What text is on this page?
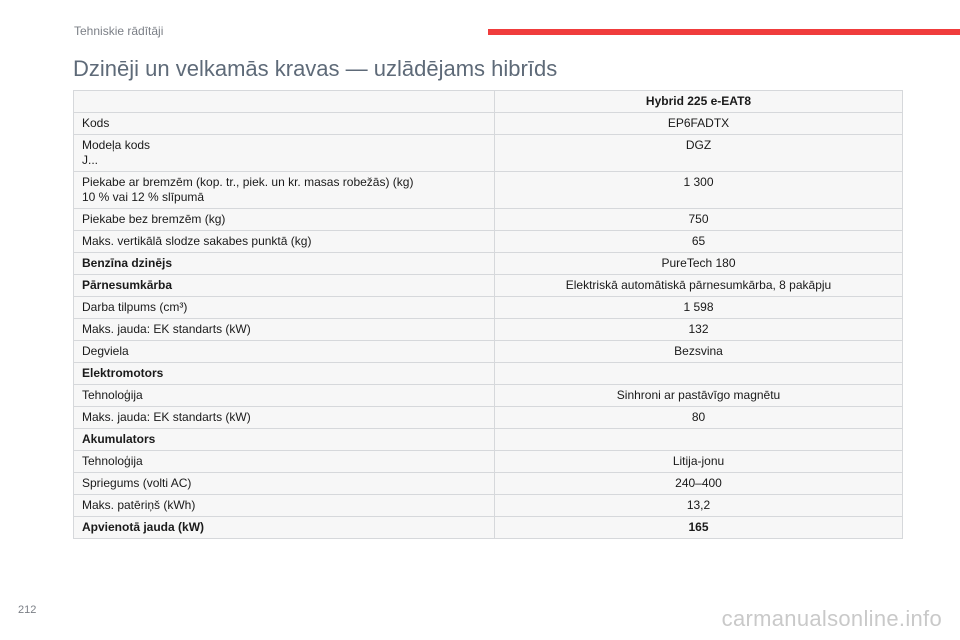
Tehniskie rādītāji
Dzinēji un velkamās kravas — uzlādējams hibrīds
	Hybrid 225 e-EAT8
Kods	EP6FADTX

Modeļa kods
J...	DGZ

Piekabe ar bremzēm (kop. tr., piek. un kr. masas robežās) (kg)
10 % vai 12 % slīpumā	1 300
Piekabe bez bremzēm (kg)	750
Maks. vertikālā slodze sakabes punktā (kg)	65
Benzīna dzinējs	PureTech 180
Pārnesumkārba	Elektriskā automātiskā pārnesumkārba, 8 pakāpju
Darba tilpums (cm³)	1 598
Maks. jauda: EK standarts (kW)	132
Degviela	Bezsvina
Elektromotors	
Tehnoloģija	Sinhroni ar pastāvīgo magnētu
Maks. jauda: EK standarts (kW)	80
Akumulators	
Tehnoloģija	Litija-jonu
Spriegums (volti AC)	240–400
Maks. patēriņš (kWh)	13,2
Apvienotā jauda (kW)	165
212	carmanualsonline.info
